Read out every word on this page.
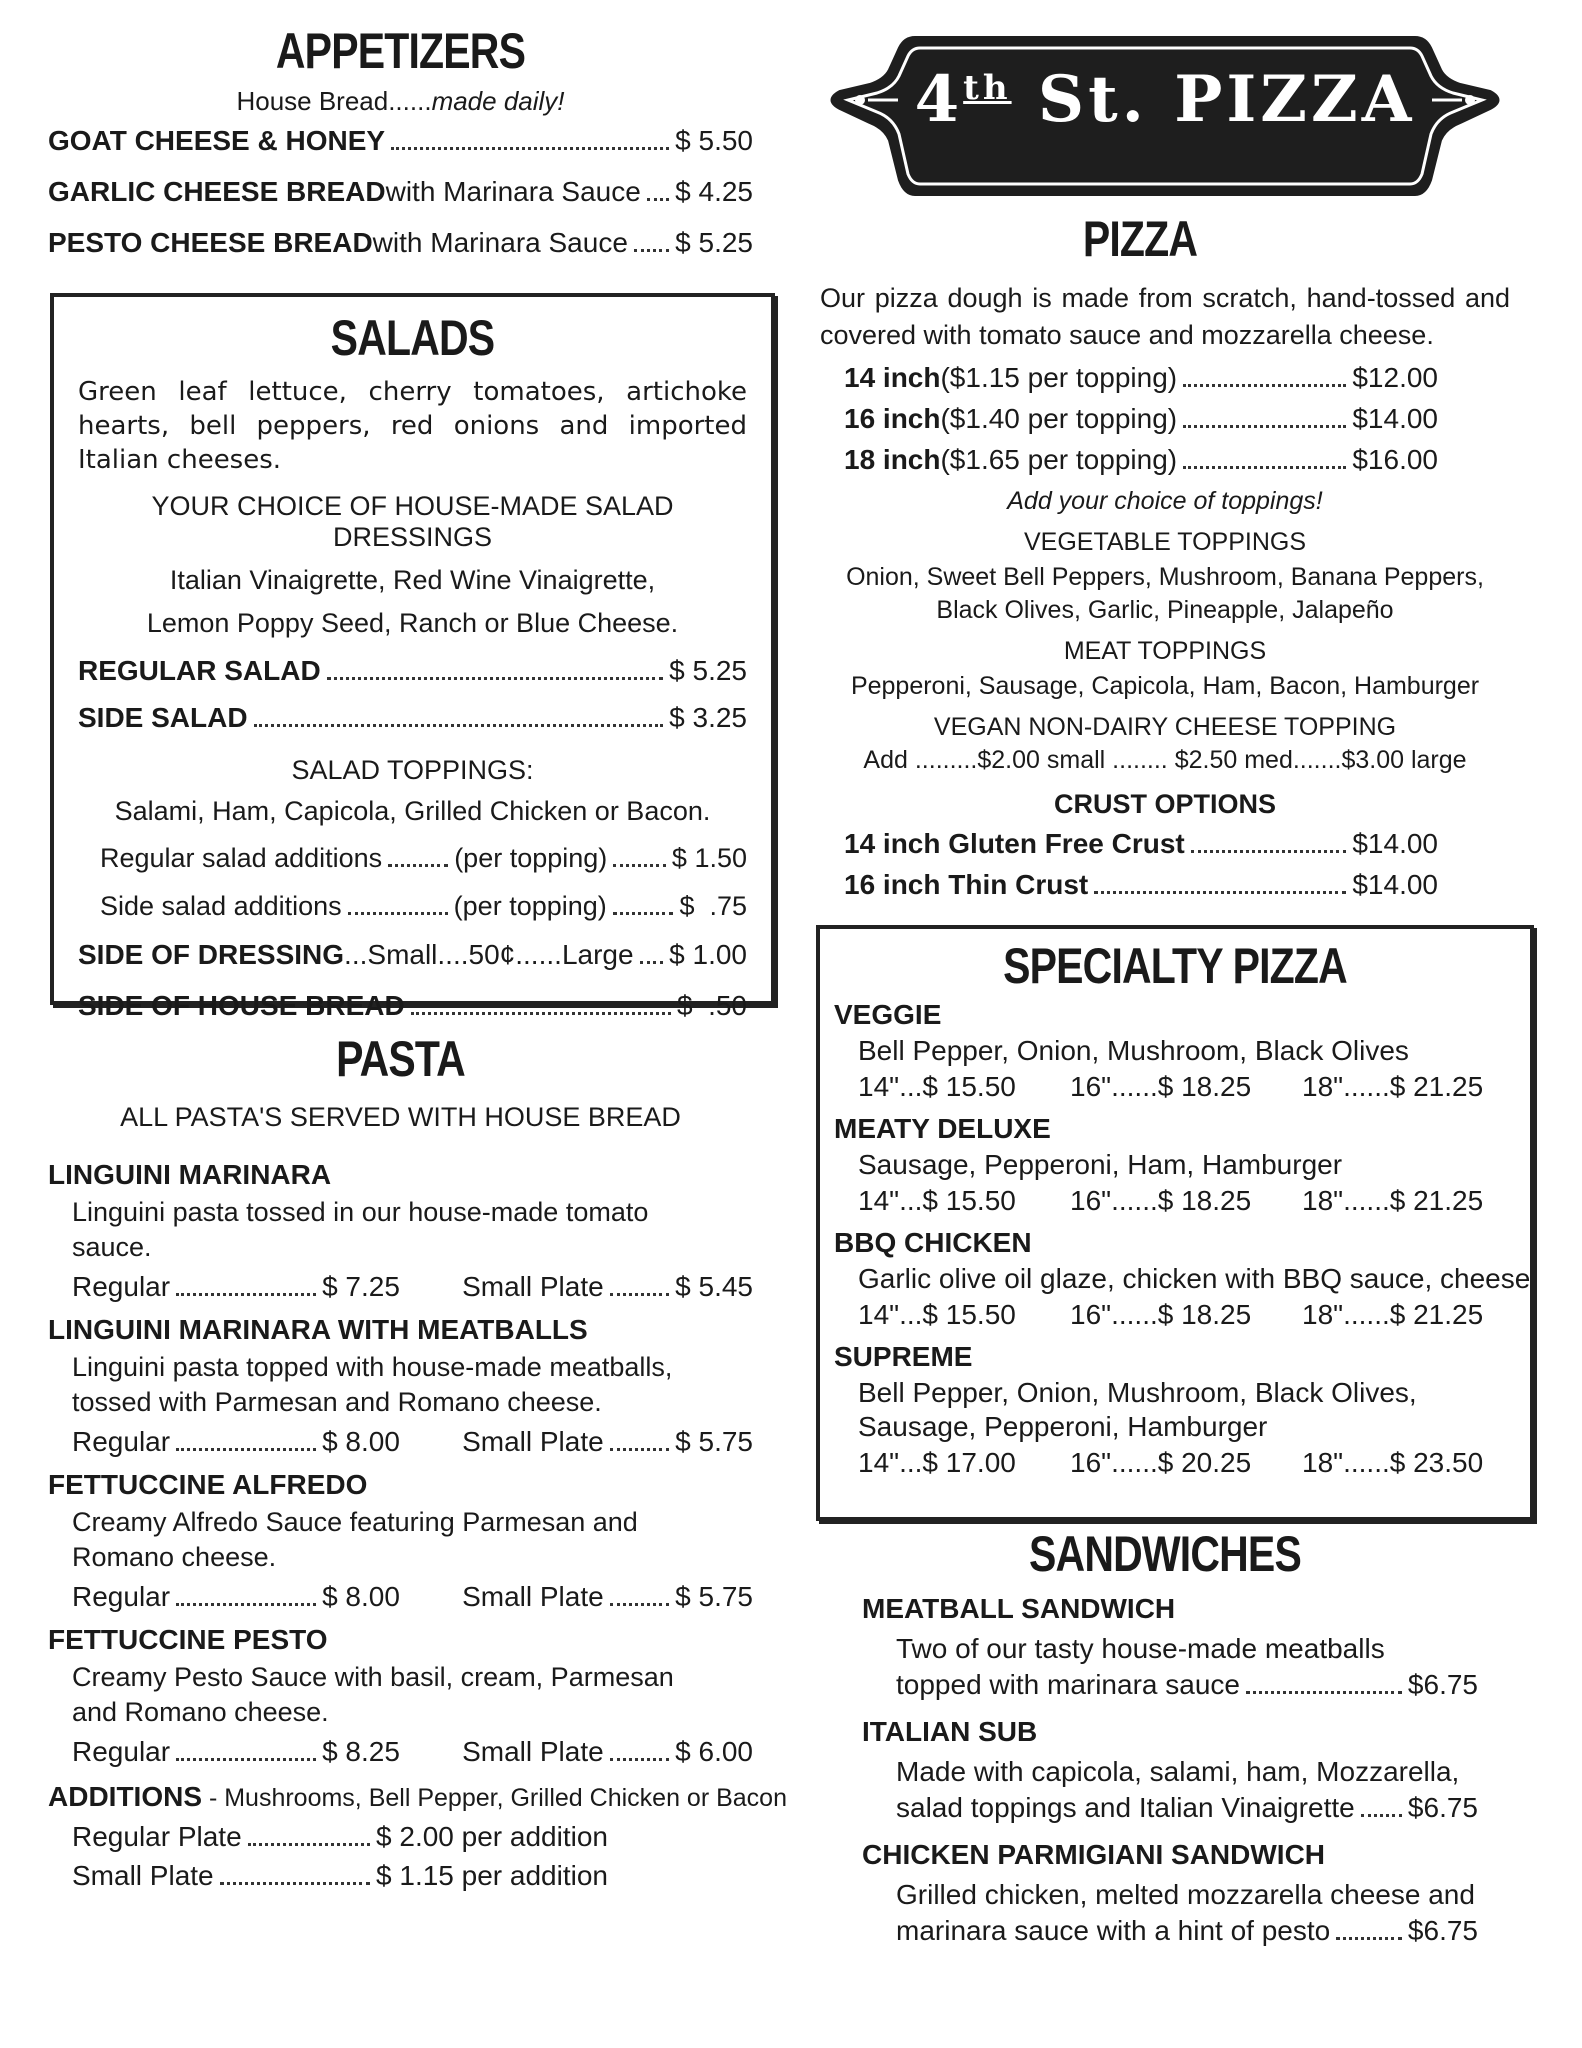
APPETIZERS
House Bread......made daily!
GOAT CHEESE & HONEY	$ 5.50
GARLIC CHEESE BREAD with Marinara Sauce $ 4.25
PESTO CHEESE BREAD with Marinara Sauce $ 5.25
SALADS
Green leaf lettuce, cherry tomatoes, artichoke hearts, bell peppers, red onions and imported Italian cheeses.
YOUR CHOICE OF HOUSE-MADE SALAD DRESSINGS
Italian Vinaigrette, Red Wine Vinaigrette,
Lemon Poppy Seed, Ranch or Blue Cheese.
REGULAR SALAD	$ 5.25
SIDE SALAD	$ 3.25
SALAD TOPPINGS:
Salami, Ham, Capicola, Grilled Chicken or Bacon.
Regular salad additions	(per topping) $ 1.50
Side salad additions	(per topping)	$  .75
SIDE OF DRESSING ... Small .... 50¢ ...... Large $ 1.00
SIDE OF HOUSE BREAD	$  .50
PASTA
ALL PASTA'S SERVED WITH HOUSE BREAD
LINGUINI MARINARA
Linguini pasta tossed in our house-made tomato
sauce.
Regular	$ 7.25	Small Plate	$ 5.45
LINGUINI MARINARA WITH MEATBALLS
Linguini pasta topped with house-made meatballs,
tossed with Parmesan and Romano cheese.
Regular	$ 8.00	Small Plate	$ 5.75
FETTUCCINE ALFREDO
Creamy Alfredo Sauce featuring Parmesan and
Romano cheese.
Regular	$ 8.00	Small Plate	$ 5.75
FETTUCCINE PESTO
Creamy Pesto Sauce with basil, cream, Parmesan
and Romano cheese.
Regular	$ 8.25	Small Plate	$ 6.00
ADDITIONS - Mushrooms, Bell Pepper, Grilled Chicken or Bacon
Regular Plate	$ 2.00 per addition
Small Plate	$ 1.15 per addition
4th St. PIZZA
PIZZA
Our pizza dough is made from scratch, hand-tossed and covered with tomato sauce and mozzarella cheese.
14 inch ($1.15 per topping)	$12.00
16 inch ($1.40 per topping)	$14.00
18 inch ($1.65 per topping)	$16.00
Add your choice of toppings!
VEGETABLE TOPPINGS
Onion, Sweet Bell Peppers, Mushroom, Banana Peppers,
Black Olives, Garlic, Pineapple, Jalapeño
MEAT TOPPINGS
Pepperoni, Sausage, Capicola, Ham, Bacon, Hamburger
VEGAN NON-DAIRY CHEESE TOPPING
Add .........$2.00 small ........ $2.50 med.......$3.00 large
CRUST OPTIONS
14 inch Gluten Free Crust	$14.00
16 inch Thin Crust	$14.00
SPECIALTY PIZZA
VEGGIE
Bell Pepper, Onion, Mushroom, Black Olives
14"...$ 15.50	16"......$ 18.25	18"......$ 21.25
MEATY DELUXE
Sausage, Pepperoni, Ham, Hamburger
14"...$ 15.50	16"......$ 18.25	18"......$ 21.25
BBQ CHICKEN
Garlic olive oil glaze, chicken with BBQ sauce, cheese
14"...$ 15.50	16"......$ 18.25	18"......$ 21.25
SUPREME
Bell Pepper, Onion, Mushroom, Black Olives,
Sausage, Pepperoni, Hamburger
14"...$ 17.00	16"......$ 20.25	18"......$ 23.50
SANDWICHES
MEATBALL SANDWICH
Two of our tasty house-made meatballs
topped with marinara sauce	$6.75
ITALIAN SUB
Made with capicola, salami, ham, Mozzarella,
salad toppings and Italian Vinaigrette $6.75
CHICKEN PARMIGIANI SANDWICH
Grilled chicken, melted mozzarella cheese and
marinara sauce with a hint of pesto	$6.75
